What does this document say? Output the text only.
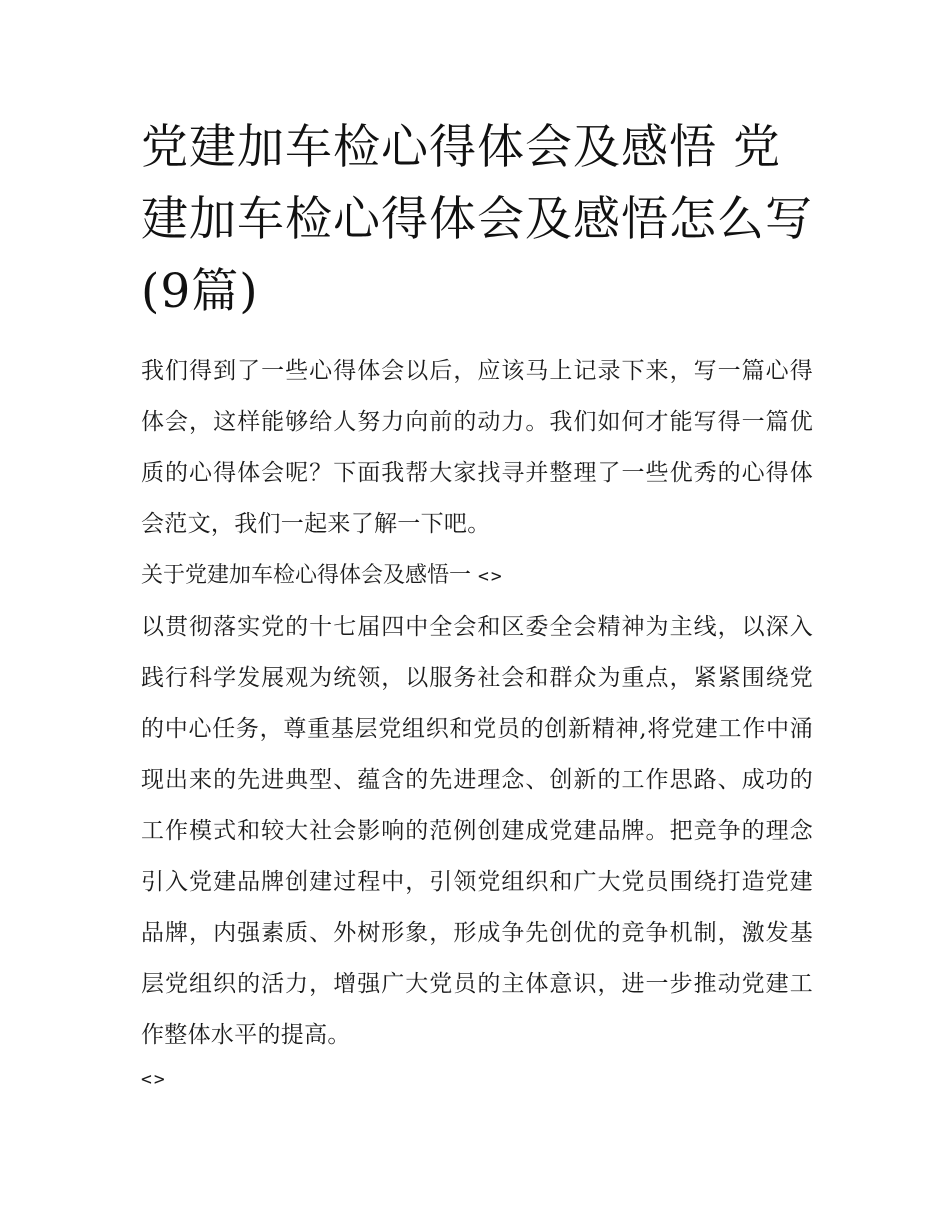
党建加车检心得体会及感悟 党建加车检心得体会及感悟怎么写(9篇)

我们得到了一些心得体会以后，应该马上记录下来，写一篇心得体会，这样能够给人努力向前的动力。我们如何才能写得一篇优质的心得体会呢？下面我帮大家找寻并整理了一些优秀的心得体会范文，我们一起来了解一下吧。

关于党建加车检心得体会及感悟一 <>

以贯彻落实党的十七届四中全会和区委全会精神为主线，以深入践行科学发展观为统领，以服务社会和群众为重点，紧紧围绕党的中心任务，尊重基层党组织和党员的创新精神,将党建工作中涌现出来的先进典型、蕴含的先进理念、创新的工作思路、成功的工作模式和较大社会影响的范例创建成党建品牌。把竞争的理念引入党建品牌创建过程中，引领党组织和广大党员围绕打造党建品牌，内强素质、外树形象，形成争先创优的竞争机制，激发基层党组织的活力，增强广大党员的主体意识，进一步推动党建工作整体水平的提高。

<>
